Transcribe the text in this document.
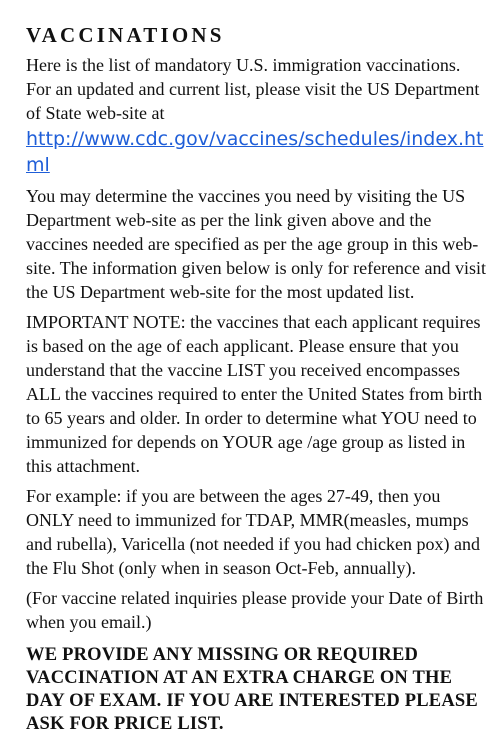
VACCINATIONS

Here is the list of mandatory U.S. immigration vaccinations. For an updated and current list, please visit the US Department of State web-site at
http://www.cdc.gov/vaccines/schedules/index.html

You may determine the vaccines you need by visiting the US Department web-site as per the link given above and the vaccines needed are specified as per the age group in this web-site. The information given below is only for reference and visit the US Department web-site for the most updated list.

IMPORTANT NOTE: the vaccines that each applicant requires is based on the age of each applicant. Please ensure that you understand that the vaccine LIST you received encompasses ALL the vaccines required to enter the United States from birth to 65 years and older. In order to determine what YOU need to immunized for depends on YOUR age /age group as listed in this attachment.

For example: if you are between the ages 27-49, then you ONLY need to immunized for TDAP, MMR(measles, mumps and rubella), Varicella (not needed if you had chicken pox) and the Flu Shot (only when in season Oct-Feb, annually).

(For vaccine related inquiries please provide your Date of Birth when you email.)

WE PROVIDE ANY MISSING OR REQUIRED VACCINATION AT AN EXTRA CHARGE ON THE DAY OF EXAM. IF YOU ARE INTERESTED PLEASE ASK FOR PRICE LIST.
